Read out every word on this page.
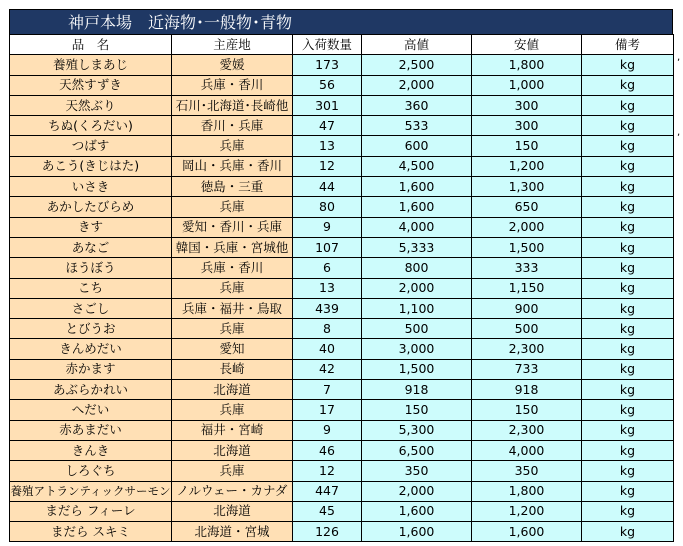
神戸本場　近海物･一般物･青物
品　名	主産地	入荷数量	高値	安値	備考
養殖しまあじ	愛媛	173	2,500	1,800	kg
天然すずき	兵庫・香川	56	2,000	1,000	kg
天然ぶり	石川･北海道･長崎他	301	360	300	kg
ちぬ(くろだい)	香川・兵庫	47	533	300	kg
つばす	兵庫	13	600	150	kg
あこう(きじはた)	岡山・兵庫・香川	12	4,500	1,200	kg
いさき	徳島・三重	44	1,600	1,300	kg
あかしたびらめ	兵庫	80	1,600	650	kg
きす	愛知・香川・兵庫	9	4,000	2,000	kg
あなご	韓国・兵庫・宮城他	107	5,333	1,500	kg
ほうぼう	兵庫・香川	6	800	333	kg
こち	兵庫	13	2,000	1,150	kg
さごし	兵庫・福井・鳥取	439	1,100	900	kg
とびうお	兵庫	8	500	500	kg
きんめだい	愛知	40	3,000	2,300	kg
赤かます	長崎	42	1,500	733	kg
あぶらかれい	北海道	7	918	918	kg
へだい	兵庫	17	150	150	kg
赤あまだい	福井・宮崎	9	5,300	2,300	kg
きんき	北海道	46	6,500	4,000	kg
しろぐち	兵庫	12	350	350	kg
養殖アトランティックサーモン	ノルウェー・カナダ	447	2,000	1,800	kg
まだら フィーレ	北海道	45	1,600	1,200	kg
まだら スキミ	北海道・宮城	126	1,600	1,600	kg
,
,
